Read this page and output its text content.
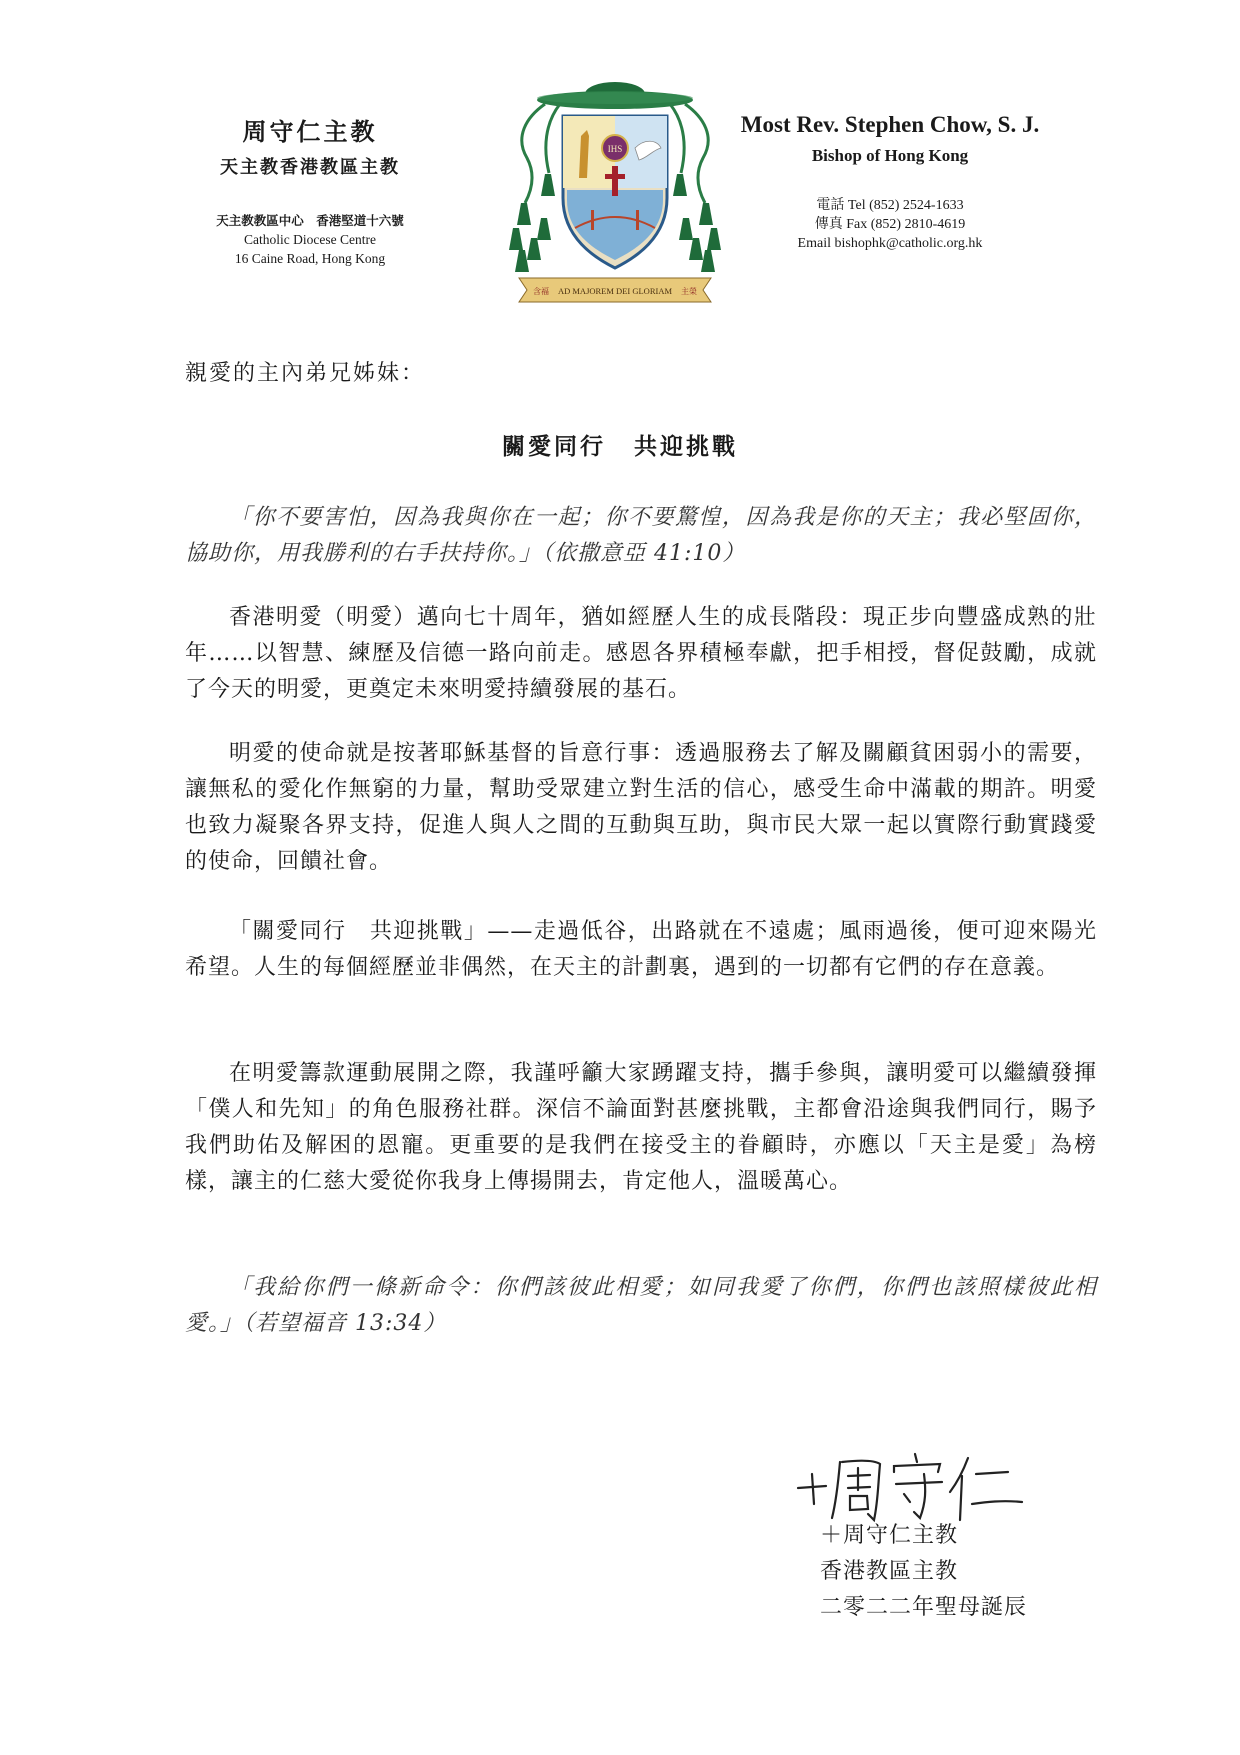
周守仁主教
天主教香港教區主教
天主教教區中心　香港堅道十六號
Catholic Diocese Centre
16 Caine Road, Hong Kong
IHS
AD MAJOREM DEI GLORIAM
含福	主榮
Most Rev. Stephen Chow, S. J.
Bishop of Hong Kong
電話 Tel (852) 2524-1633
傳真 Fax (852) 2810-4619
Email bishophk@catholic.org.hk
親愛的主內弟兄姊妹：
關愛同行 共迎挑戰
「你不要害怕，因為我與你在一起；你不要驚惶，因為我是你的天主；我必堅固你，協助你，用我勝利的右手扶持你。」（依撒意亞 41:10）
香港明愛（明愛）邁向七十周年，猶如經歷人生的成長階段：現正步向豐盛成熟的壯年……以智慧、練歷及信德一路向前走。感恩各界積極奉獻，把手相授，督促鼓勵，成就了今天的明愛，更奠定未來明愛持續發展的基石。
明愛的使命就是按著耶穌基督的旨意行事：透過服務去了解及關顧貧困弱小的需要，讓無私的愛化作無窮的力量，幫助受眾建立對生活的信心，感受生命中滿載的期許。明愛也致力凝聚各界支持，促進人與人之間的互動與互助，與市民大眾一起以實際行動實踐愛的使命，回饋社會。
「關愛同行　共迎挑戰」——走過低谷，出路就在不遠處；風雨過後，便可迎來陽光希望。人生的每個經歷並非偶然，在天主的計劃裏，遇到的一切都有它們的存在意義。
在明愛籌款運動展開之際，我謹呼籲大家踴躍支持，攜手參與，讓明愛可以繼續發揮「僕人和先知」的角色服務社群。深信不論面對甚麼挑戰，主都會沿途與我們同行，賜予我們助佑及解困的恩寵。更重要的是我們在接受主的眷顧時，亦應以「天主是愛」為榜樣，讓主的仁慈大愛從你我身上傳揚開去，肯定他人，溫暖萬心。
「我給你們一條新命令：你們該彼此相愛；如同我愛了你們，你們也該照樣彼此相愛。」（若望福音 13:34）
＋周守仁主教
香港教區主教
二零二二年聖母誕辰
